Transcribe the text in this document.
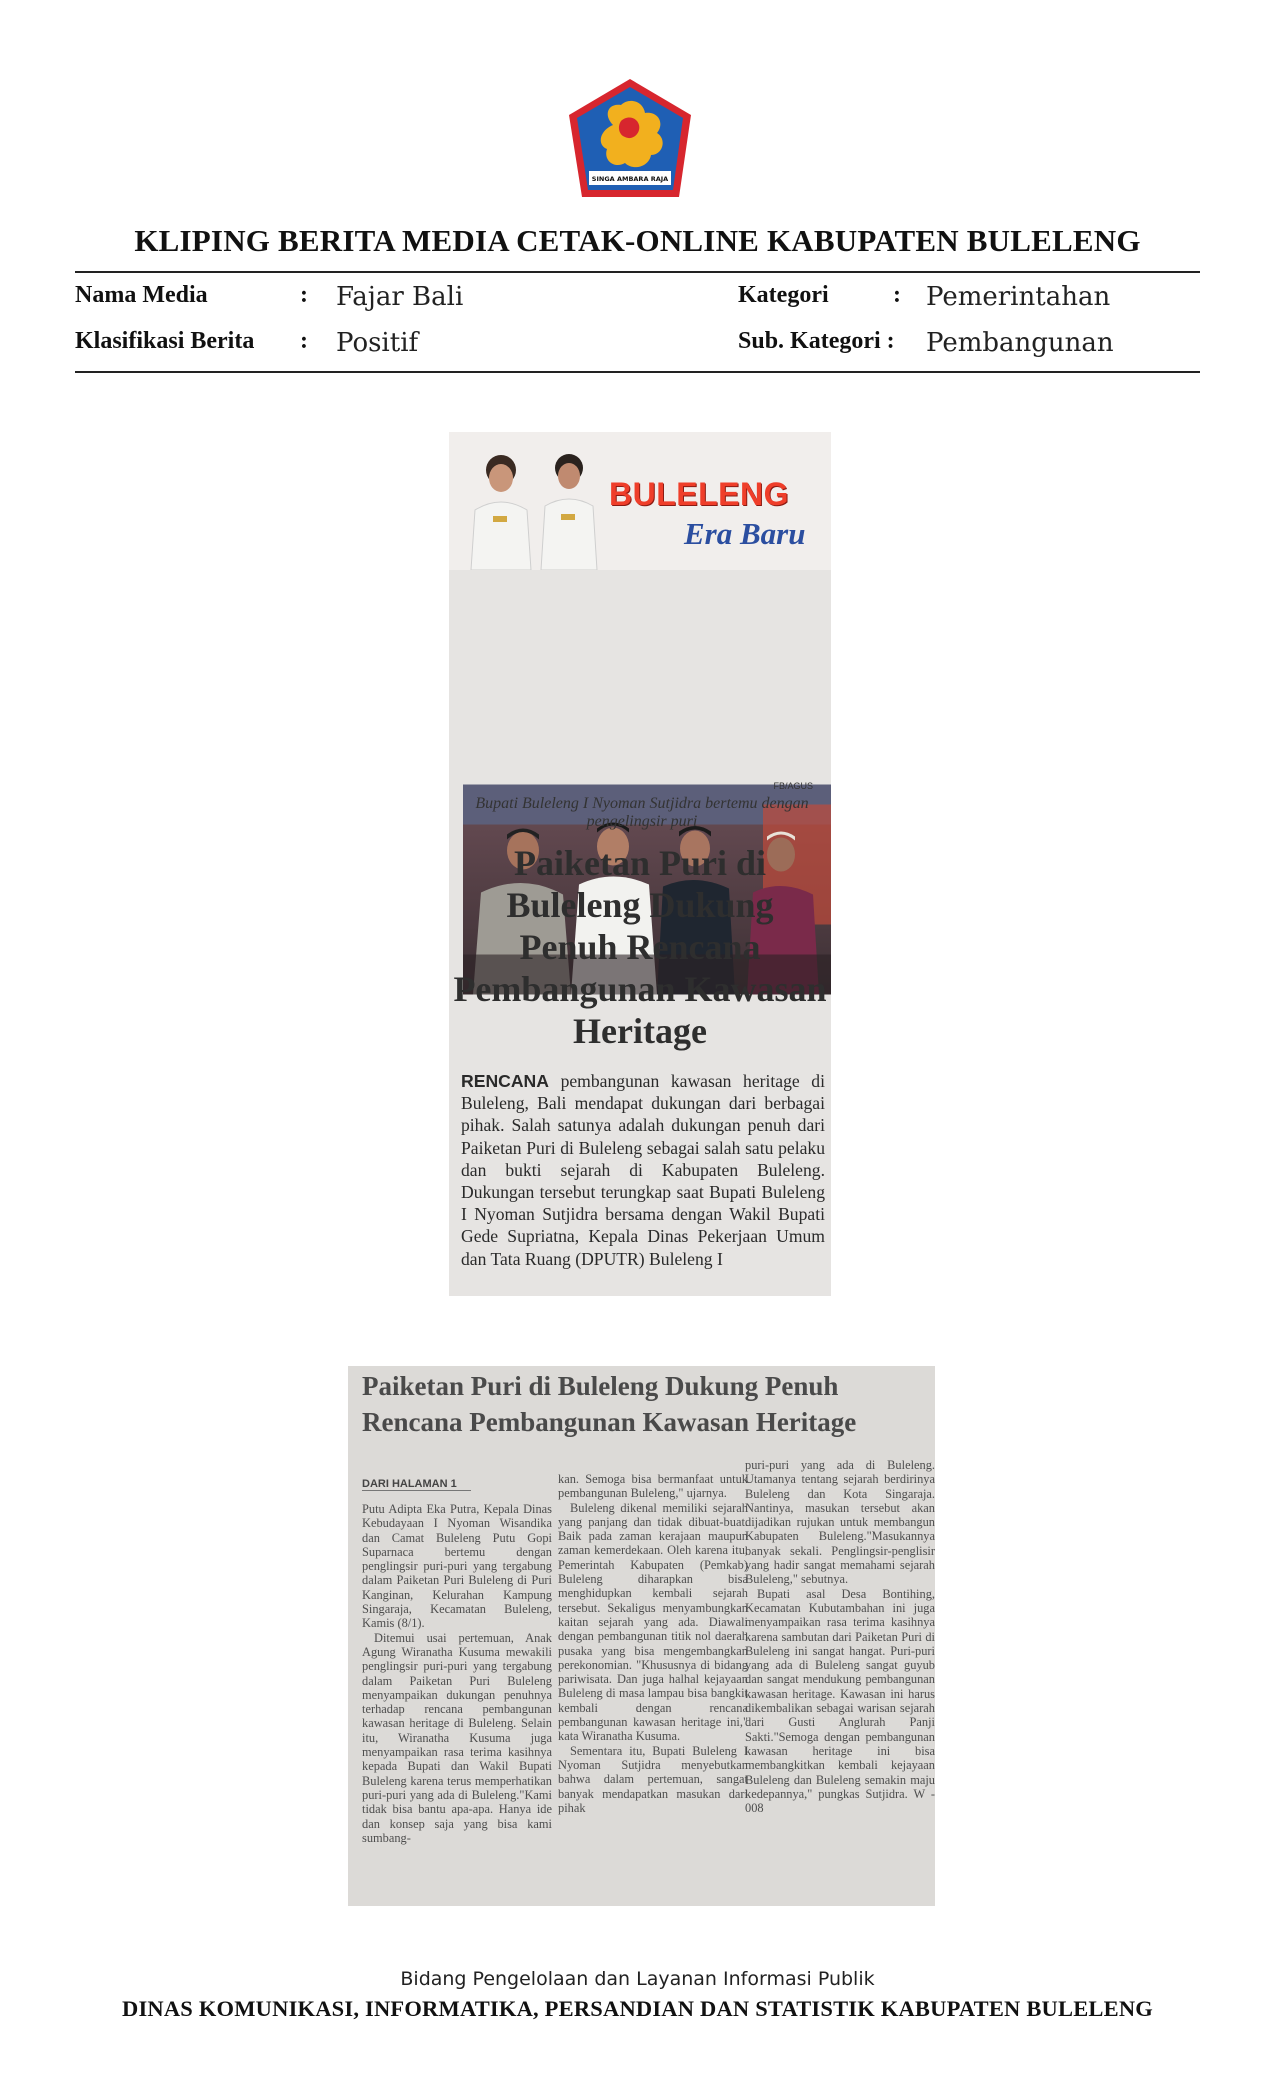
SINGA AMBARA RAJA
KLIPING BERITA MEDIA CETAK-ONLINE KABUPATEN BULELENG
Nama Media	: Fajar Bali	Kategori	: Pemerintahan
Klasifikasi Berita : Positif	Sub. Kategori : Pembangunan
BULELENG
Era Baru
FB/AGUS
Bupati Buleleng I Nyoman Sutjidra bertemu dengan pengelingsir puri
Paiketan Puri di Buleleng Dukung Penuh Rencana Pembangunan Kawasan Heritage
RENCANA pembangunan kawasan heritage di Buleleng, Bali mendapat dukungan dari berbagai pihak. Salah satunya adalah dukungan penuh dari Paiketan Puri di Buleleng sebagai salah satu pelaku dan bukti sejarah di Kabupaten Buleleng. Dukungan tersebut terungkap saat Bupati Buleleng I Nyoman Sutjidra bersama dengan Wakil Bupati Gede Supriatna, Kepala Dinas Pekerjaan Umum dan Tata Ruang (DPUTR) Buleleng I
Paiketan Puri di Buleleng Dukung Penuh Rencana Pembangunan Kawasan Heritage
DARI HALAMAN 1

Putu Adipta Eka Putra, Kepala Dinas Kebudayaan I Nyoman Wisandika dan Camat Buleleng Putu Gopi Suparnaca bertemu dengan penglingsir puri-puri yang tergabung dalam Paiketan Puri Buleleng di Puri Kanginan, Kelurahan Kampung Singaraja, Kecamatan Buleleng, Kamis (8/1).

Ditemui usai pertemuan, Anak Agung Wiranatha Kusuma mewakili penglingsir puri-puri yang tergabung dalam Paiketan Puri Buleleng menyampaikan dukungan penuhnya terhadap rencana pembangunan kawasan heritage di Buleleng. Selain itu, Wiranatha Kusuma juga menyampaikan rasa terima kasihnya kepada Bupati dan Wakil Bupati Buleleng karena terus memperhatikan puri-puri yang ada di Buleleng."Kami tidak bisa bantu apa-apa. Hanya ide dan konsep saja yang bisa kami sumbang-

kan. Semoga bisa bermanfaat untuk pembangunan Buleleng," ujarnya.

Buleleng dikenal memiliki sejarah yang panjang dan tidak dibuat-buat. Baik pada zaman kerajaan maupun zaman kemerdekaan. Oleh karena itu, Pemerintah Kabupaten (Pemkab) Buleleng diharapkan bisa menghidupkan kembali sejarah tersebut. Sekaligus menyambungkan kaitan sejarah yang ada. Diawali dengan pembangunan titik nol daerah pusaka yang bisa mengembangkan perekonomian. "Khususnya di bidang pariwisata. Dan juga halhal kejayaan Buleleng di masa lampau bisa bangkit kembali dengan rencana pembangunan kawasan heritage ini," kata Wiranatha Kusuma.

Sementara itu, Bupati Buleleng I Nyoman Sutjidra menyebutkan bahwa dalam pertemuan, sangat banyak mendapatkan masukan dari pihak

puri-puri yang ada di Buleleng. Utamanya tentang sejarah berdirinya Buleleng dan Kota Singaraja. Nantinya, masukan tersebut akan dijadikan rujukan untuk membangun Kabupaten Buleleng."Masukannya banyak sekali. Penglingsir-penglisir yang hadir sangat memahami sejarah Buleleng," sebutnya.

Bupati asal Desa Bontihing, Kecamatan Kubutambahan ini juga menyampaikan rasa terima kasihnya karena sambutan dari Paiketan Puri di Buleleng ini sangat hangat. Puri-puri yang ada di Buleleng sangat guyub dan sangat mendukung pembangunan kawasan heritage. Kawasan ini harus dikembalikan sebagai warisan sejarah dari Gusti Anglurah Panji Sakti."Semoga dengan pembangunan kawasan heritage ini bisa membangkitkan kembali kejayaan Buleleng dan Buleleng semakin maju kedepannya," pungkas Sutjidra. W - 008

Bidang Pengelolaan dan Layanan Informasi Publik
DINAS KOMUNIKASI, INFORMATIKA, PERSANDIAN DAN STATISTIK KABUPATEN BULELENG
